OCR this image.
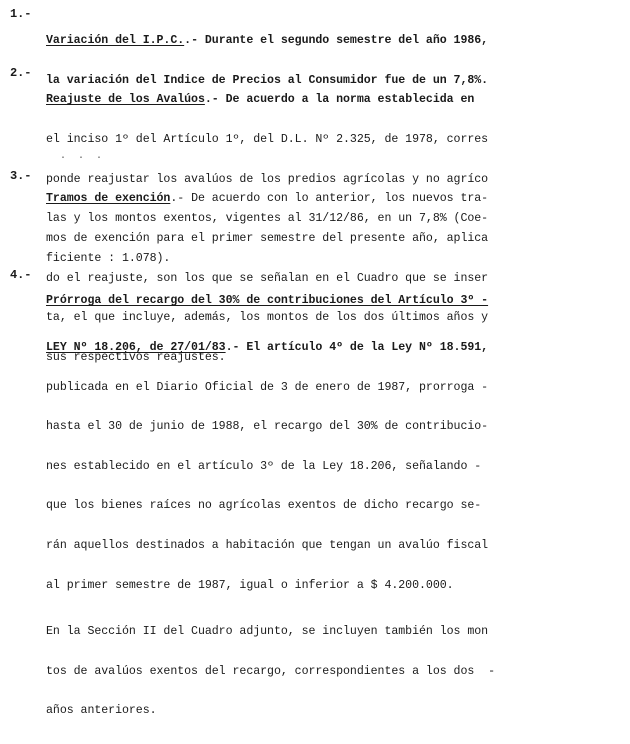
1.-

Variación del I.P.C..- Durante el segundo semestre del año 1986,

la variación del Indice de Precios al Consumidor fue de un 7,8%.

2.-

Reajuste de los Avalúos.- De acuerdo a la norma establecida en

el inciso 1º del Artículo 1º, del D.L. Nº 2.325, de 1978, corres

ponde reajustar los avalúos de los predios agrícolas y no agríco

las y los montos exentos, vigentes al 31/12/86, en un 7,8% (Coe-

ficiente : 1.078).

· · ·
3.-

Tramos de exención.- De acuerdo con lo anterior, los nuevos tra-

mos de exención para el primer semestre del presente año, aplica

do el reajuste, son los que se señalan en el Cuadro que se inser

ta, el que incluye, además, los montos de los dos últimos años y

sus respectivos reajustes.

4.-

Prórroga del recargo del 30% de contribuciones del Artículo 3º -

LEY Nº 18.206, de 27/01/83.- El artículo 4º de la Ley Nº 18.591,

publicada en el Diario Oficial de 3 de enero de 1987, prorroga -

hasta el 30 de junio de 1988, el recargo del 30% de contribucio-

nes establecido en el artículo 3º de la Ley 18.206, señalando -

que los bienes raíces no agrícolas exentos de dicho recargo se-

rán aquellos destinados a habitación que tengan un avalúo fiscal

al primer semestre de 1987, igual o inferior a $ 4.200.000.

En la Sección II del Cuadro adjunto, se incluyen también los mon

tos de avalúos exentos del recargo, correspondientes a los dos  -

años anteriores.
